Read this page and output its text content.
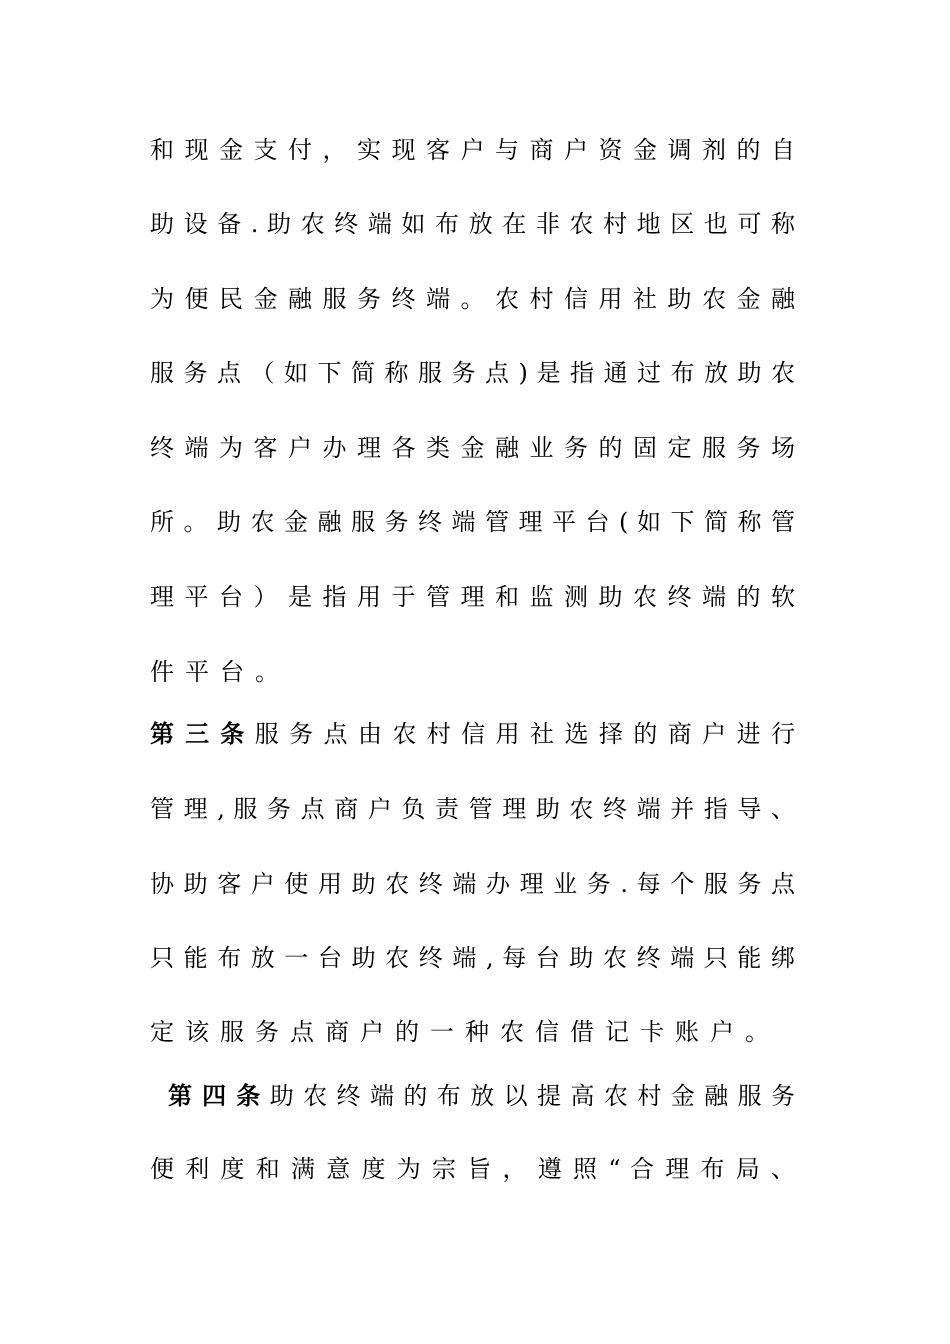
和 现 金 支 付 ， 实 现 客 户 与 商 户 资 金 调 剂 的 自
助 设 备 . 助 农 终 端 如 布 放 在 非 农 村 地 区 也 可 称
为 便 民 金 融 服 务 终 端 。 农 村 信 用 社 助 农 金 融
服 务 点 （ 如 下 简 称 服 务 点 ) 是 指 通 过 布 放 助 农
终 端 为 客 户 办 理 各 类 金 融 业 务 的 固 定 服 务 场
所 。 助 农 金 融 服 务 终 端 管 理 平 台 ( 如 下 简 称 管
理 平 台 ） 是 指 用 于 管 理 和 监 测 助 农 终 端 的 软
件平台。
第 三 条 服 务 点 由 农 村 信 用 社 选 择 的 商 户 进 行
管 理 , 服 务 点 商 户 负 责 管 理 助 农 终 端 并 指 导 、
协 助 客 户 使 用 助 农 终 端 办 理 业 务 . 每 个 服 务 点
只 能 布 放 一 台 助 农 终 端 , 每 台 助 农 终 端 只 能 绑
定该服务点商户的一种农信借记卡账户。
第 四 条 助 农 终 端 的 布 放 以 提 高 农 村 金 融 服 务
便 利 度 和 满 意 度 为 宗 旨 ， 遵 照 “ 合 理 布 局 、
